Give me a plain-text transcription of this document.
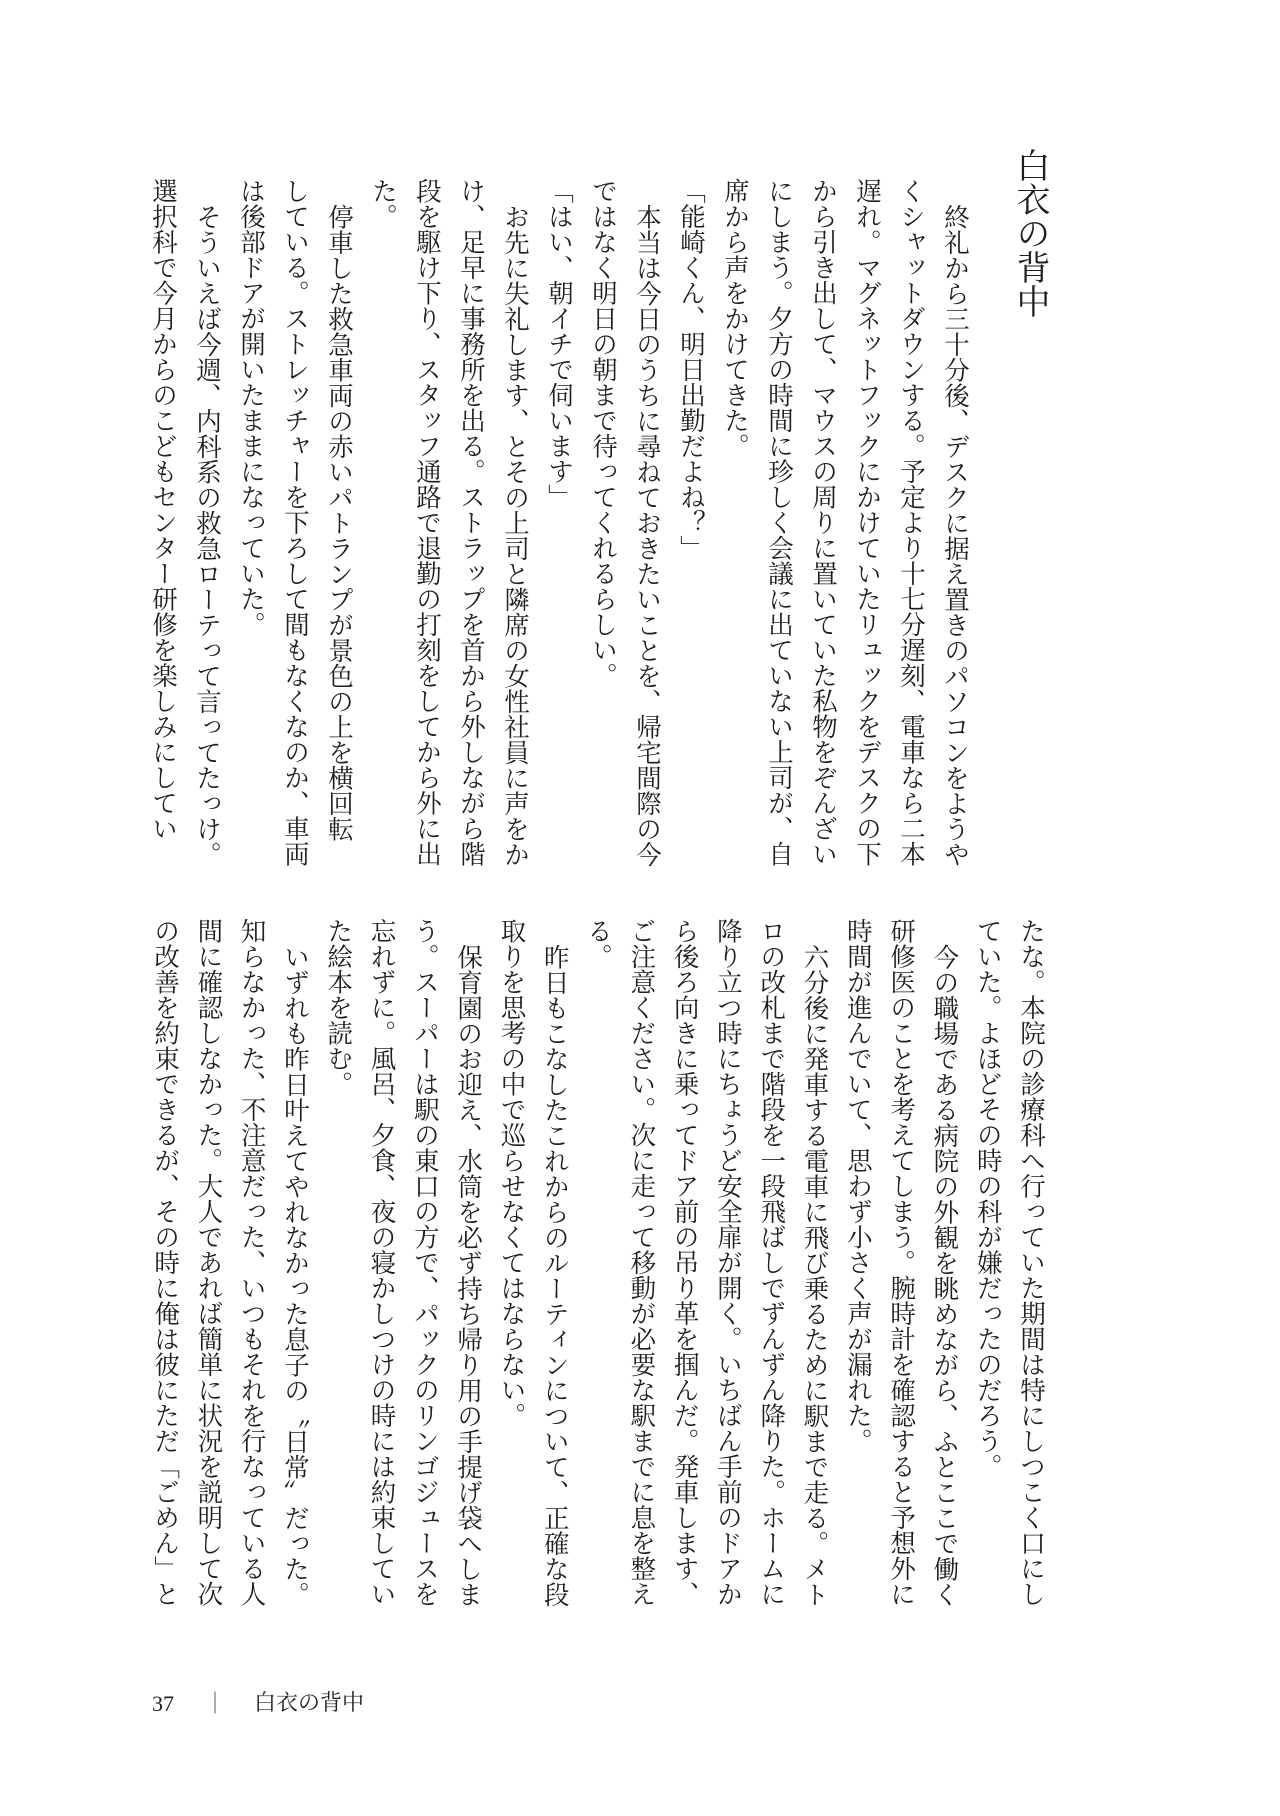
白衣の背中
終礼から三十分後、デスクに据え置きのパソコンをようや
くシャットダウンする。予定より十七分遅刻、電車なら二本
遅れ。マグネットフックにかけていたリュックをデスクの下
から引き出して、マウスの周りに置いていた私物をぞんざい
にしまう。夕方の時間に珍しく会議に出ていない上司が、自
席から声をかけてきた。
「能崎くん、明日出勤だよね？」
本当は今日のうちに尋ねておきたいことを、帰宅間際の今
ではなく明日の朝まで待ってくれるらしい。
「はい、朝イチで伺います」
お先に失礼します、とその上司と隣席の女性社員に声をか
け、足早に事務所を出る。ストラップを首から外しながら階
段を駆け下り、スタッフ通路で退勤の打刻をしてから外に出
た。
停車した救急車両の赤いパトランプが景色の上を横回転
している。ストレッチャーを下ろして間もなくなのか、車両
は後部ドアが開いたままになっていた。
そういえば今週、内科系の救急ローテって言ってたっけ。
選択科で今月からのこどもセンター研修を楽しみにしてい
たな。本院の診療科へ行っていた期間は特にしつこく口にし
ていた。よほどその時の科が嫌だったのだろう。
今の職場である病院の外観を眺めながら、ふとここで働く
研修医のことを考えてしまう。腕時計を確認すると予想外に
時間が進んでいて、思わず小さく声が漏れた。
六分後に発車する電車に飛び乗るために駅まで走る。メト
ロの改札まで階段を一段飛ばしでずんずん降りた。ホームに
降り立つ時にちょうど安全扉が開く。いちばん手前のドアか
ら後ろ向きに乗ってドア前の吊り革を掴んだ。発車します、
ご注意ください。次に走って移動が必要な駅までに息を整え
る。
昨日もこなしたこれからのルーティンについて、正確な段
取りを思考の中で巡らせなくてはならない。
保育園のお迎え、水筒を必ず持ち帰り用の手提げ袋へしま
う。スーパーは駅の東口の方で、パックのリンゴジュースを
忘れずに。風呂、夕食、夜の寝かしつけの時には約束してい
た絵本を読む。
いずれも昨日叶えてやれなかった息子の〝日常〟だった。
知らなかった、不注意だった、いつもそれを行なっている人
間に確認しなかった。大人であれば簡単に状況を説明して次
の改善を約束できるが、その時に俺は彼にただ「ごめん」と
37 ｜ 白衣の背中
